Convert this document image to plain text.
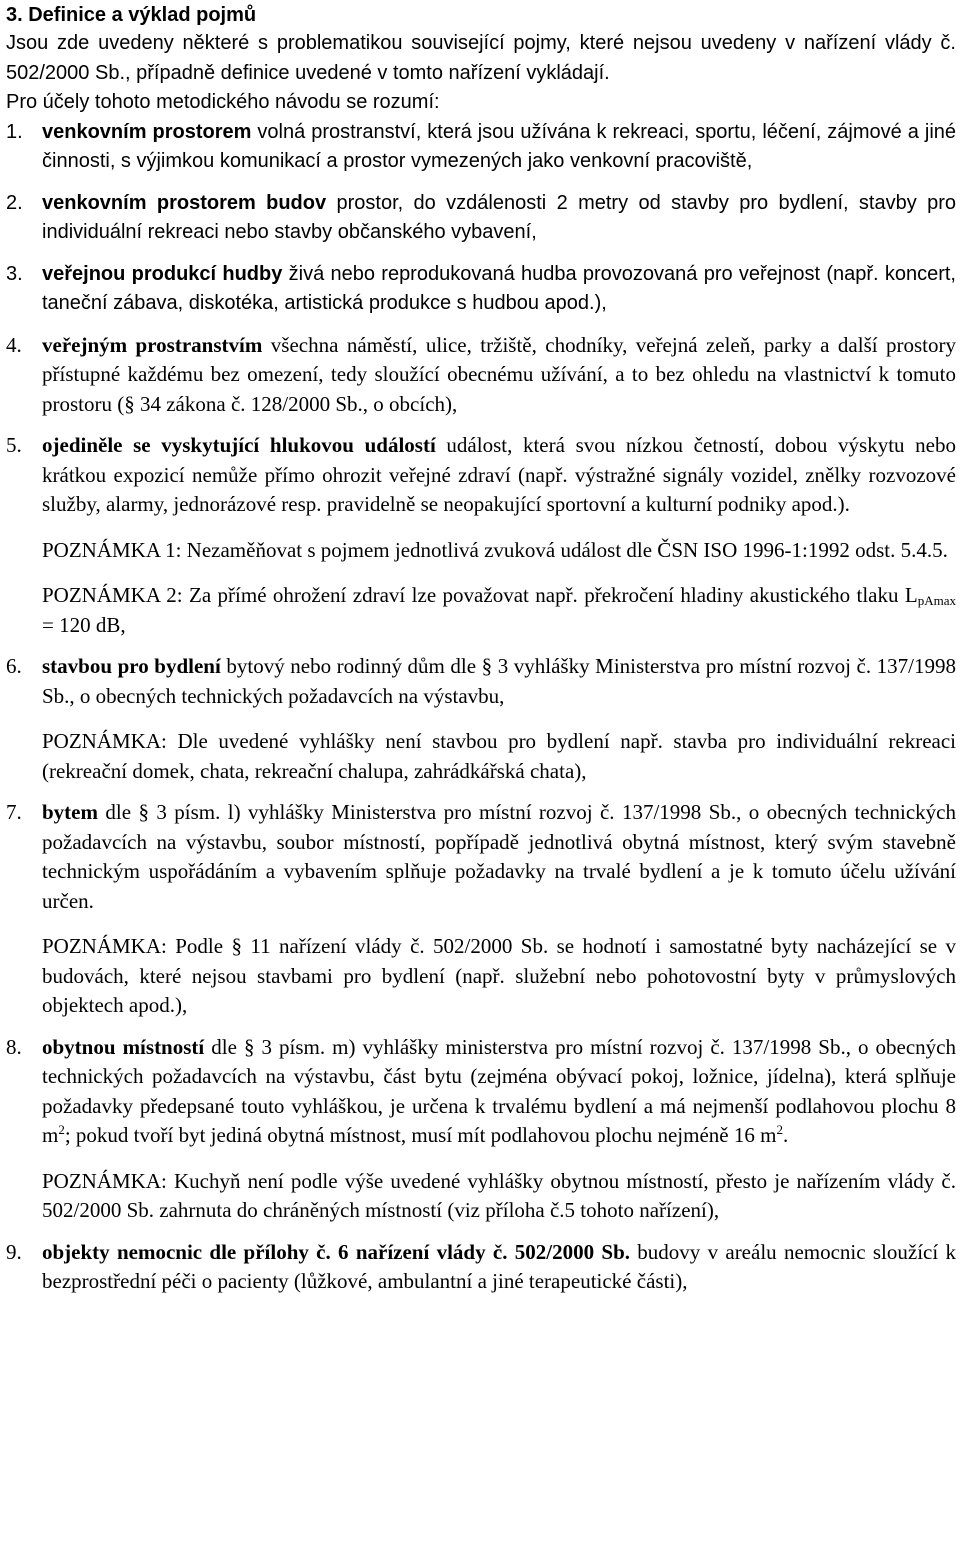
3. Definice a výklad pojmů

Jsou zde uvedeny některé s problematikou související pojmy, které nejsou uvedeny v nařízení vlády č. 502/2000 Sb., případně definice uvedené v tomto nařízení vykládají.

Pro účely tohoto metodického návodu se rozumí:

1. venkovním prostorem volná prostranství, která jsou užívána k rekreaci, sportu, léčení, zájmové a jiné činnosti, s výjimkou komunikací a prostor vymezených jako venkovní pracoviště,

2. venkovním prostorem budov prostor, do vzdálenosti 2 metry od stavby pro bydlení, stavby pro individuální rekreaci nebo stavby občanského vybavení,

3. veřejnou produkcí hudby živá nebo reprodukovaná hudba provozovaná pro veřejnost (např. koncert, taneční zábava, diskotéka, artistická produkce s hudbou apod.),

4. veřejným prostranstvím všechna náměstí, ulice, tržiště, chodníky, veřejná zeleň, parky a další prostory přístupné každému bez omezení, tedy sloužící obecnému užívání, a to bez ohledu na vlastnictví k tomuto prostoru (§ 34 zákona č. 128/2000 Sb., o obcích),

5. ojediněle se vyskytující hlukovou událostí událost, která svou nízkou četností, dobou výskytu nebo krátkou expozicí nemůže přímo ohrozit veřejné zdraví (např. výstražné signály vozidel, znělky rozvozové služby, alarmy, jednorázové resp. pravidelně se neopakující sportovní a kulturní podniky apod.).

POZNÁMKA 1: Nezaměňovat s pojmem jednotlivá zvuková událost dle ČSN ISO 1996-1:1992 odst. 5.4.5.

POZNÁMKA 2: Za přímé ohrožení zdraví lze považovat např. překročení hladiny akustického tlaku $L_{pAmax} = 120$ dB,

6. stavbou pro bydlení bytový nebo rodinný dům dle § 3 vyhlášky Ministerstva pro místní rozvoj č. 137/1998 Sb., o obecných technických požadavcích na výstavbu,

POZNÁMKA: Dle uvedené vyhlášky není stavbou pro bydlení např. stavba pro individuální rekreaci (rekreační domek, chata, rekreační chalupa, zahrádkářská chata),

7. bytem dle § 3 písm. l) vyhlášky Ministerstva pro místní rozvoj č. 137/1998 Sb., o obecných technických požadavcích na výstavbu, soubor místností, popřípadě jednotlivá obytná místnost, který svým stavebně technickým uspořádáním a vybavením splňuje požadavky na trvalé bydlení a je k tomuto účelu užívání určen.

POZNÁMKA: Podle § 11 nařízení vlády č. 502/2000 Sb. se hodnotí i samostatné byty nacházející se v budovách, které nejsou stavbami pro bydlení (např. služební nebo pohotovostní byty v průmyslových objektech apod.),

8. obytnou místností dle § 3 písm. m) vyhlášky ministerstva pro místní rozvoj č. 137/1998 Sb., o obecných technických požadavcích na výstavbu, část bytu (zejména obývací pokoj, ložnice, jídelna), která splňuje požadavky předepsané touto vyhláškou, je určena k trvalému bydlení a má nejmenší podlahovou plochu 8 $m^2$; pokud tvoří byt jediná obytná místnost, musí mít podlahovou plochu nejméně 16 $m^2$.

POZNÁMKA: Kuchyň není podle výše uvedené vyhlášky obytnou místností, přesto je nařízením vlády č. 502/2000 Sb. zahrnuta do chráněných místností (viz příloha č.5 tohoto nařízení),

9. objekty nemocnic dle přílohy č. 6 nařízení vlády č. 502/2000 Sb. budovy v areálu nemocnic sloužící k bezprostřední péči o pacienty (lůžkové, ambulantní a jiné terapeutické části),
